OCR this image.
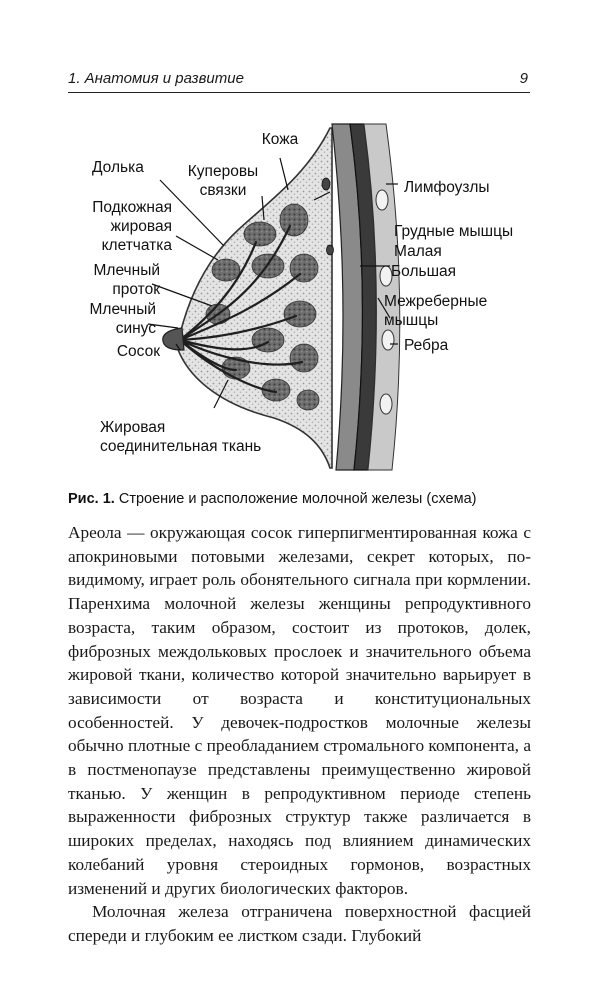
1. Анатомия и развитие	9
Кожа
Долька	Куперовы
связки	Лимфоузлы
Подкожная
жировая
клетчатка
Грудные мышцы
Малая
Млечный	Большая
проток
Межреберные
Млечный
мышцы
синус
Сосок	Ребра
Жировая
соединительная ткань
Рис. 1. Строение и расположение молочной железы (схема)

Ареола — окружающая сосок гиперпигментированная кожа с апокриновыми потовыми железами, секрет которых, по-видимому, играет роль обонятельного сигнала при кормлении. Паренхима молочной железы женщины репродуктивного возраста, таким образом, состоит из протоков, долек, фиброзных междольковых прослоек и значительного объема жировой ткани, количество которой значительно варьирует в зависимости от возраста и конституциональных особенностей. У девочек-подростков молочные железы обычно плотные с преобладанием стромального компонента, а в постменопаузе представлены преимущественно жировой тканью. У женщин в репродуктивном периоде степень выраженности фиброзных структур также различается в широких пределах, находясь под влиянием динамических колебаний уровня стероидных гормонов, возрастных изменений и других биологических факторов.

Молочная железа отграничена поверхностной фасцией спереди и глубоким ее листком сзади. Глубокий
